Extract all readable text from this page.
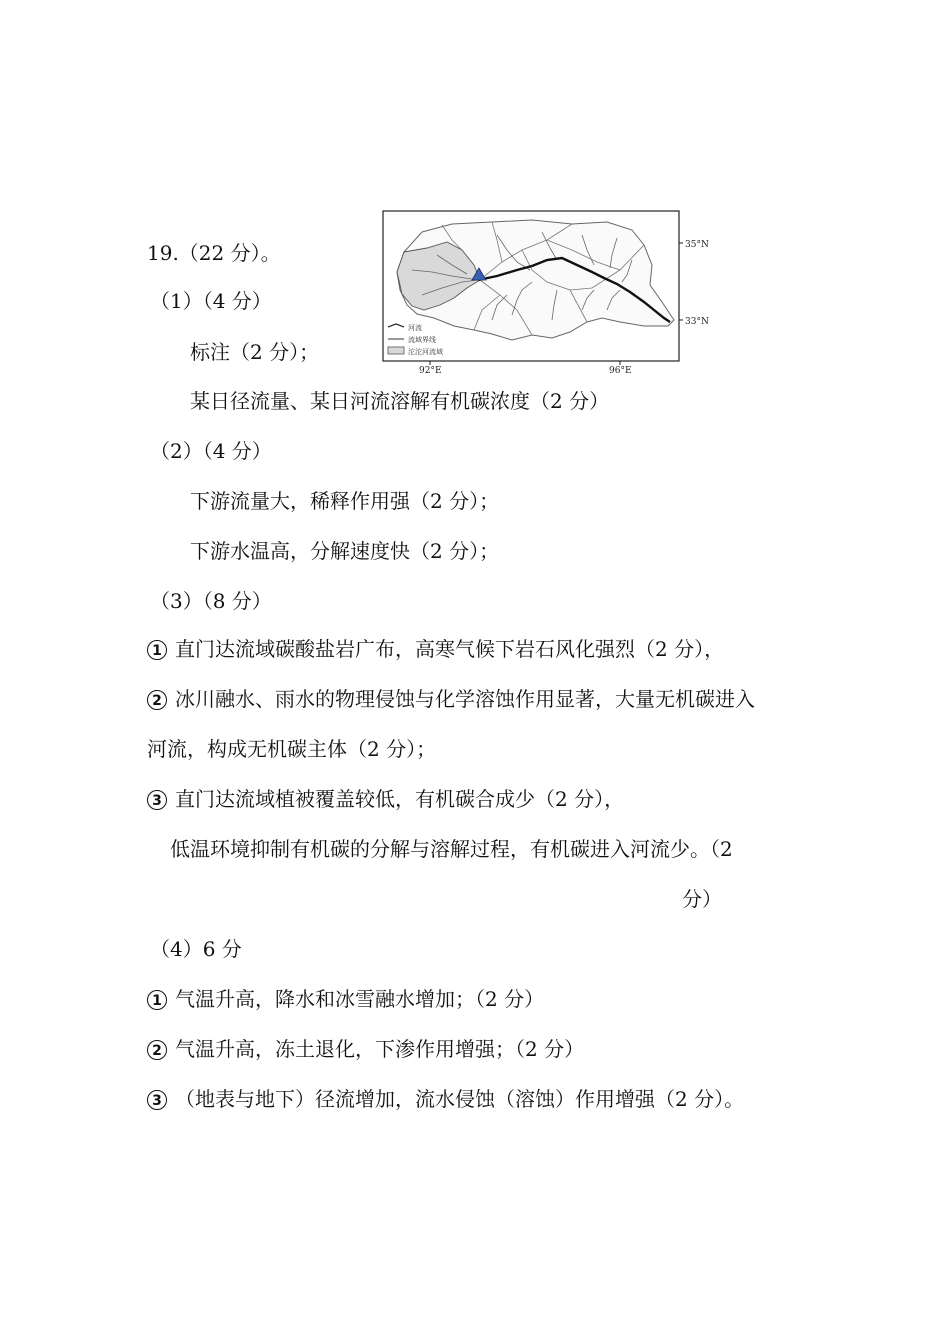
19.（22 分）。	35°N
33°N
92°E	96°E
河流
流域界线
沱沱河流域
（1）（4 分）
标注（2 分）；
某日径流量、某日河流溶解有机碳浓度（2 分）
（2）（4 分）
下游流量大，稀释作用强（2 分）；
下游水温高，分解速度快（2 分）；
（3）（8 分）
1 直门达流域碳酸盐岩广布，高寒气候下岩石风化强烈（2 分），
2 冰川融水、雨水的物理侵蚀与化学溶蚀作用显著，大量无机碳进入
河流，构成无机碳主体（2 分）；
3 直门达流域植被覆盖较低，有机碳合成少（2 分），
低温环境抑制有机碳的分解与溶解过程，有机碳进入河流少。（2
分）
（4）6 分
1 气温升高，降水和冰雪融水增加；（2 分）
2 气温升高，冻土退化，下渗作用增强；（2 分）
3 （地表与地下）径流增加，流水侵蚀（溶蚀）作用增强（2 分）。
